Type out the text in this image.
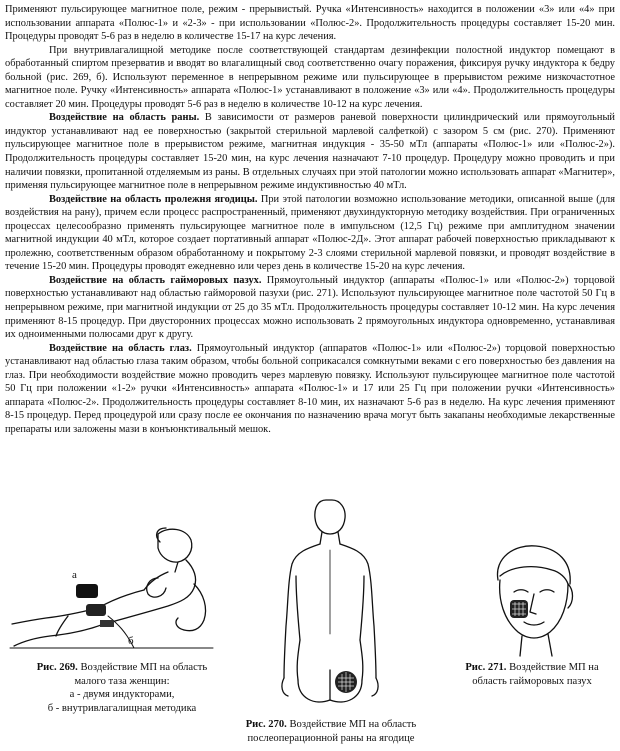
Применяют пульсирующее магнитное поле, режим - прерывистый. Ручка «Интенсивность» находится в положении «3» или «4» при использовании аппарата «Полюс-1» и «2-3» - при использовании «Полюс-2». Продолжительность процедуры составляет 15-20 мин. Процедуры проводят 5-6 раз в неделю в количестве 15-17 на курс лечения.

При внутривлагалищной методике после соответствующей стандартам дезинфекции полостной индуктор помещают в обработанный спиртом презерватив и вводят во влагалищный свод соответственно очагу поражения, фиксируя ручку индуктора к бедру больной (рис. 269, б). Используют переменное в непрерывном режиме или пульсирующее в прерывистом режиме низкочастотное магнитное поле. Ручку «Интенсивность» аппарата «Полюс-1» устанавливают в положение «3» или «4». Продолжительность процедуры составляет 20 мин. Процедуры проводят 5-6 раз в неделю в количестве 10-12 на курс лечения.

Воздействие на область раны. В зависимости от размеров раневой поверхности цилиндрический или прямоугольный индуктор устанавливают над ее поверхностью (закрытой стерильной марлевой салфеткой) с зазором 5 см (рис. 270). Применяют пульсирующее магнитное поле в прерывистом режиме, магнитная индукция - 35-50 мТл (аппараты «Полюс-1» или «Полюс-2»). Продолжительность процедуры составляет 15-20 мин, на курс лечения назначают 7-10 процедур. Процедуру можно проводить и при наличии повязки, пропитанной отделяемым из раны. В отдельных случаях при этой патологии можно использовать аппарат «Магнитер», применяя пульсирующее магнитное поле в непрерывном режиме индуктивностью 40 мТл.

Воздействие на область пролежня ягодицы. При этой патологии возможно использование методики, описанной выше (для воздействия на рану), причем если процесс распространенный, применяют двухиндукторную методику воздействия. При ограниченных процессах целесообразно применять пульсирующее магнитное поле в импульсном (12,5 Гц) режиме при амплитудном значении магнитной индукции 40 мТл, которое создает портативный аппарат «Полюс-2Д». Этот аппарат рабочей поверхностью прикладывают к пролежню, соответственным образом обработанному и покрытому 2-3 слоями стерильной марлевой повязки, и проводят воздействие в течение 15-20 мин. Процедуры проводят ежедневно или через день в количестве 15-20 на курс лечения.

Воздействие на область гайморовых пазух. Прямоугольный индуктор (аппараты «Полюс-1» или «Полюс-2») торцовой поверхностью устанавливают над областью гайморовой пазухи (рис. 271). Используют пульсирующее магнитное поле частотой 50 Гц в непрерывном режиме, при магнитной индукции от 25 до 35 мТл. Продолжительность процедуры составляет 10-12 мин. На курс лечения применяют 8-15 процедур. При двусторонних процессах можно использовать 2 прямоугольных индуктора одновременно, устанавливая их одноименными полюсами друг к другу.

Воздействие на область глаз. Прямоугольный индуктор (аппаратов «Полюс-1» или «Полюс-2») торцовой поверхностью устанавливают над областью глаза таким образом, чтобы больной соприкасался сомкнутыми веками с его поверхностью без давления на глаз. При необходимости воздействие можно проводить через марлевую повязку. Используют пульсирующее магнитное поле частотой 50 Гц при положении «1-2» ручки «Интенсивность» аппарата «Полюс-1» и 17 или 25 Гц при положении ручки «Интенсивность» аппарата «Полюс-2». Продолжительность процедуры составляет 8-10 мин, их назначают 5-6 раз в неделю. На курс лечения применяют 8-15 процедур. Перед процедурой или сразу после ее окончания по назначению врача могут быть закапаны необходимые лекарственные препараты или заложены мази в конъюнктивальный мешок.

а
б
Рис. 269. Воздействие МП на область
малого таза женщин:
а - двумя индукторами,
б - внутривлагалищная методика
Рис. 270. Воздействие МП на область
послеоперационной раны на ягодице
Рис. 271. Воздействие МП на
область гайморовых пазух
